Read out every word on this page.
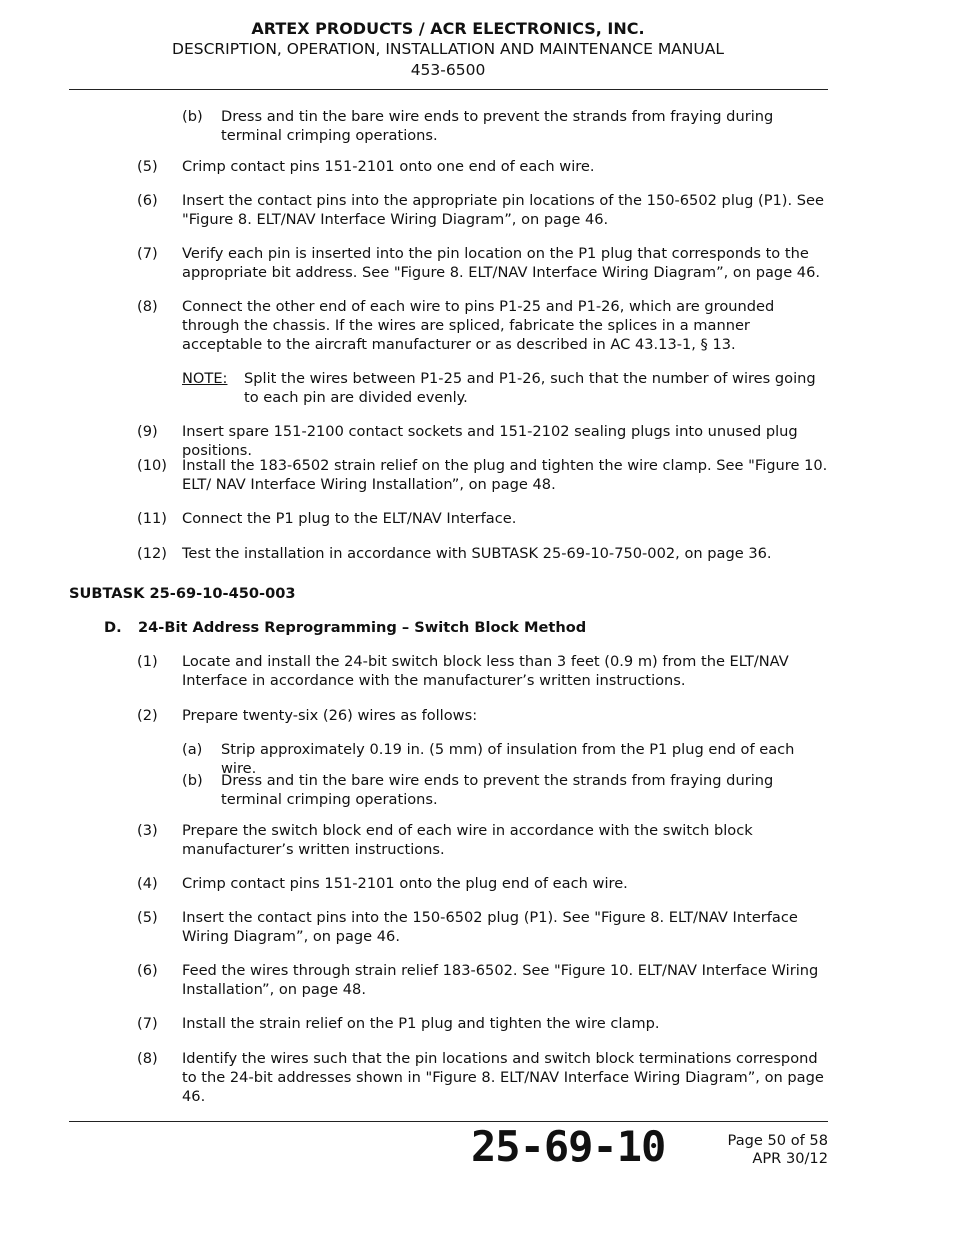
ARTEX PRODUCTS / ACR ELECTRONICS, INC.
DESCRIPTION, OPERATION, INSTALLATION AND MAINTENANCE MANUAL
453-6500
(b) Dress and tin the bare wire ends to prevent the strands from fraying during terminal crimping operations.
(5) Crimp contact pins 151-2101 onto one end of each wire.
(6) Insert the contact pins into the appropriate pin locations of the 150-6502 plug (P1). See "Figure 8. ELT/NAV Interface Wiring Diagram”, on page 46.
(7) Verify each pin is inserted into the pin location on the P1 plug that corresponds to the appropriate bit address. See "Figure 8. ELT/NAV Interface Wiring Diagram”, on page 46.
(8) Connect the other end of each wire to pins P1-25 and P1-26, which are grounded through the chassis. If the wires are spliced, fabricate the splices in a manner acceptable to the aircraft manufacturer or as described in AC 43.13-1, § 13.
NOTE: Split the wires between P1-25 and P1-26, such that the number of wires going to each pin are divided evenly.
(9) Insert spare 151-2100 contact sockets and 151-2102 sealing plugs into unused plug positions.
(10) Install the 183-6502 strain relief on the plug and tighten the wire clamp. See "Figure 10. ELT/ NAV Interface Wiring Installation”, on page 48.
(11) Connect the P1 plug to the ELT/NAV Interface.
(12) Test the installation in accordance with SUBTASK 25-69-10-750-002, on page 36.
SUBTASK 25-69-10-450-003
D. 24-Bit Address Reprogramming – Switch Block Method
(1) Locate and install the 24-bit switch block less than 3 feet (0.9 m) from the ELT/NAV Interface in accordance with the manufacturer’s written instructions.
(2) Prepare twenty-six (26) wires as follows:
(a) Strip approximately 0.19 in. (5 mm) of insulation from the P1 plug end of each wire.
(b) Dress and tin the bare wire ends to prevent the strands from fraying during terminal crimping operations.
(3) Prepare the switch block end of each wire in accordance with the switch block manufacturer’s written instructions.
(4) Crimp contact pins 151-2101 onto the plug end of each wire.
(5) Insert the contact pins into the 150-6502 plug (P1). See "Figure 8. ELT/NAV Interface Wiring Diagram”, on page 46.
(6) Feed the wires through strain relief 183-6502. See "Figure 10. ELT/NAV Interface Wiring Installation”, on page 48.
(7) Install the strain relief on the P1 plug and tighten the wire clamp.
(8) Identify the wires such that the pin locations and switch block terminations correspond to the 24-bit addresses shown in "Figure 8. ELT/NAV Interface Wiring Diagram”, on page 46.
25-69-10	Page 50 of 58
APR 30/12
